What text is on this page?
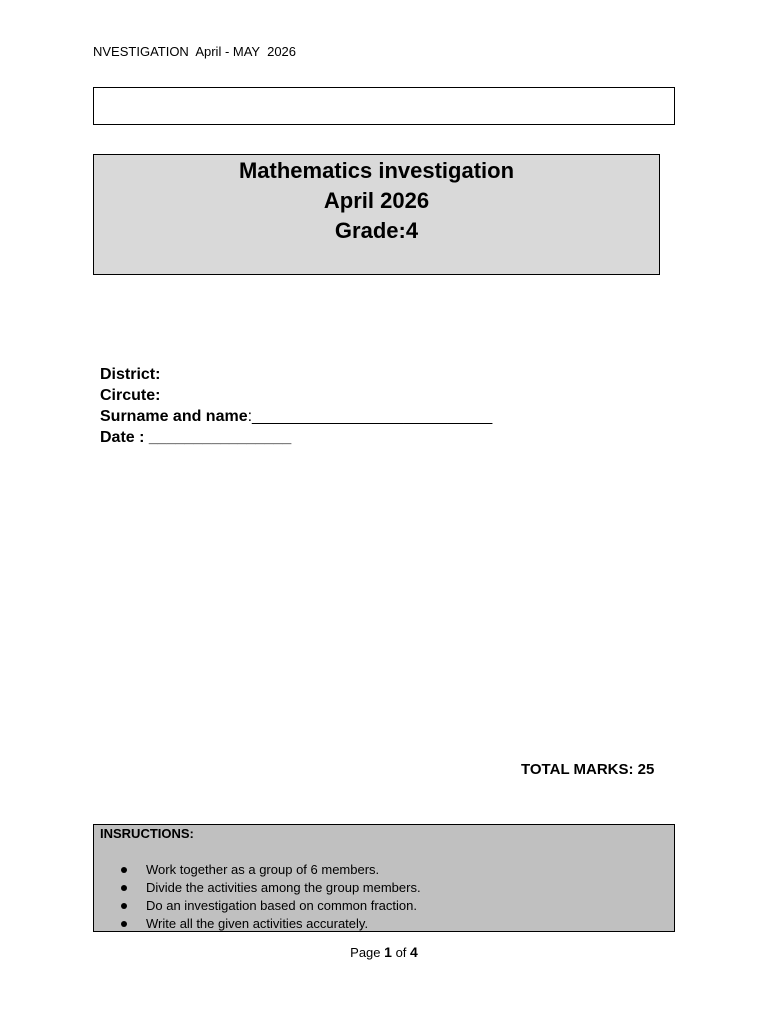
NVESTIGATION  April - MAY  2026
Mathematics investigation
April 2026
Grade:4
District:
Circute:
Surname and name:___________________________
Date : ________________
TOTAL MARKS: 25
INSRUCTIONS:
Work together as a group of 6 members.
Divide the activities among the group members.
Do an investigation based on common fraction.
Write all the given activities accurately.
Page 1 of 4
